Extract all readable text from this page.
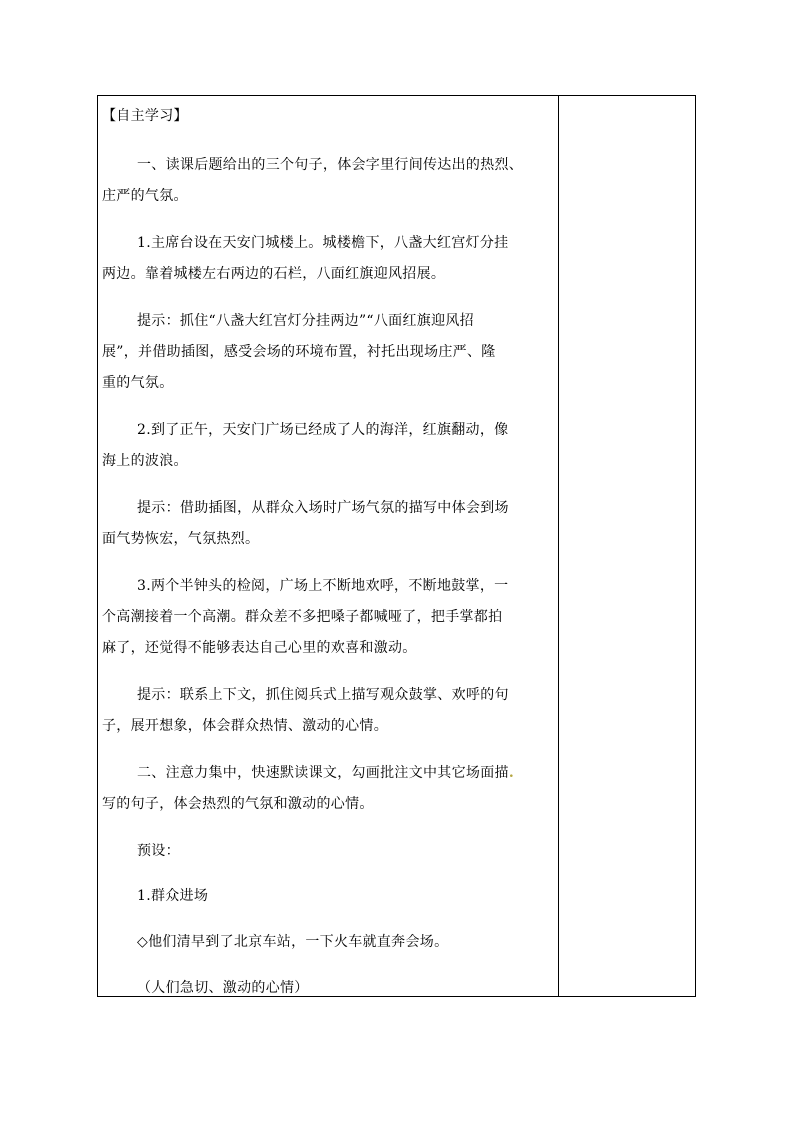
【自主学习】
一、读课后题给出的三个句子，体会字里行间传达出的热烈、
庄严的气氛。
1.主席台设在天安门城楼上。城楼檐下，八盏大红宫灯分挂
两边。靠着城楼左右两边的石栏，八面红旗迎风招展。
提示：抓住“八盏大红宫灯分挂两边”“八面红旗迎风招
展”，并借助插图，感受会场的环境布置，衬托出现场庄严、隆
重的气氛。
2.到了正午，天安门广场已经成了人的海洋，红旗翻动，像
海上的波浪。
提示：借助插图，从群众入场时广场气氛的描写中体会到场
面气势恢宏，气氛热烈。
3.两个半钟头的检阅，广场上不断地欢呼，不断地鼓掌，一
个高潮接着一个高潮。群众差不多把嗓子都喊哑了，把手掌都拍
麻了，还觉得不能够表达自己心里的欢喜和激动。
提示：联系上下文，抓住阅兵式上描写观众鼓掌、欢呼的句
子，展开想象，体会群众热情、激动的心情。
二、注意力集中，快速默读课文，勾画批注文中其它场面描.
写的句子，体会热烈的气氛和激动的心情。
预设：
1.群众进场
◇他们清早到了北京车站，一下火车就直奔会场。
（人们急切、激动的心情）
